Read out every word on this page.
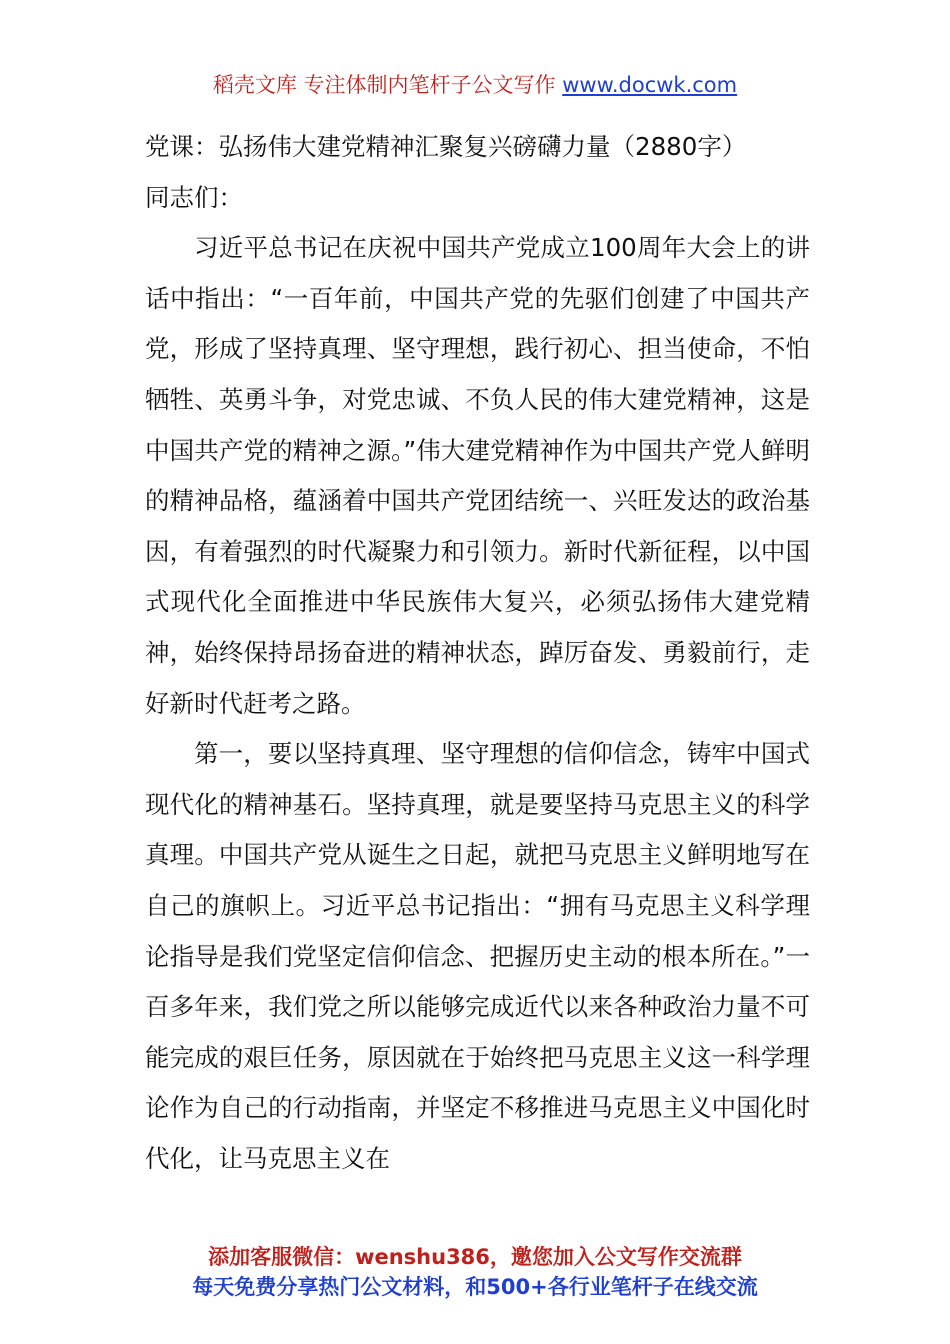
稻壳文库 专注体制内笔杆子公文写作 www.docwk.com

党课：弘扬伟大建党精神汇聚复兴磅礴力量（2880字）

同志们：

习近平总书记在庆祝中国共产党成立100周年大会上的讲话中指出：“一百年前，中国共产党的先驱们创建了中国共产党，形成了坚持真理、坚守理想，践行初心、担当使命，不怕牺牲、英勇斗争，对党忠诚、不负人民的伟大建党精神，这是中国共产党的精神之源。”伟大建党精神作为中国共产党人鲜明的精神品格，蕴涵着中国共产党团结统一、兴旺发达的政治基因，有着强烈的时代凝聚力和引领力。新时代新征程，以中国式现代化全面推进中华民族伟大复兴，必须弘扬伟大建党精神，始终保持昂扬奋进的精神状态，踔厉奋发、勇毅前行，走好新时代赶考之路。

第一，要以坚持真理、坚守理想的信仰信念，铸牢中国式现代化的精神基石。坚持真理，就是要坚持马克思主义的科学真理。中国共产党从诞生之日起，就把马克思主义鲜明地写在自己的旗帜上。习近平总书记指出：“拥有马克思主义科学理论指导是我们党坚定信仰信念、把握历史主动的根本所在。”一百多年来，我们党之所以能够完成近代以来各种政治力量不可能完成的艰巨任务，原因就在于始终把马克思主义这一科学理论作为自己的行动指南，并坚定不移推进马克思主义中国化时代化，让马克思主义在

添加客服微信：wenshu386，邀您加入公文写作交流群
每天免费分享热门公文材料，和500+各行业笔杆子在线交流
